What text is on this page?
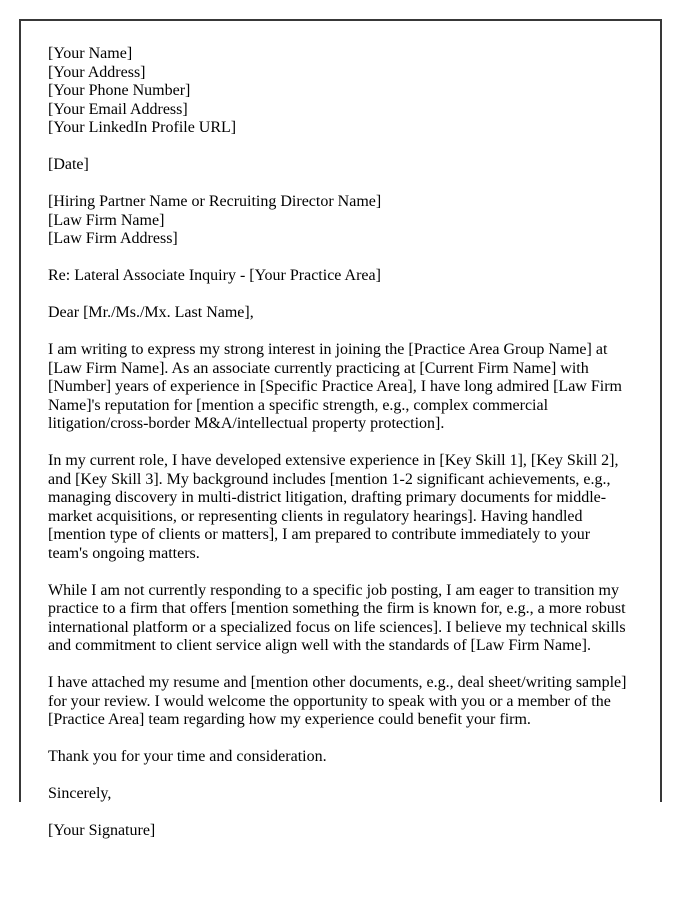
[Your Name]
[Your Address]
[Your Phone Number]
[Your Email Address]
[Your LinkedIn Profile URL]
[Date]
[Hiring Partner Name or Recruiting Director Name]
[Law Firm Name]
[Law Firm Address]
Re: Lateral Associate Inquiry - [Your Practice Area]
Dear [Mr./Ms./Mx. Last Name],

I am writing to express my strong interest in joining the [Practice Area Group Name] at [Law Firm Name]. As an associate currently practicing at [Current Firm Name] with [Number] years of experience in [Specific Practice Area], I have long admired [Law Firm Name]'s reputation for [mention a specific strength, e.g., complex commercial litigation/cross-border M&A/intellectual property protection].

In my current role, I have developed extensive experience in [Key Skill 1], [Key Skill 2], and [Key Skill 3]. My background includes [mention 1-2 significant achievements, e.g., managing discovery in multi-district litigation, drafting primary documents for middle-market acquisitions, or representing clients in regulatory hearings]. Having handled [mention type of clients or matters], I am prepared to contribute immediately to your team's ongoing matters.

While I am not currently responding to a specific job posting, I am eager to transition my practice to a firm that offers [mention something the firm is known for, e.g., a more robust international platform or a specialized focus on life sciences]. I believe my technical skills and commitment to client service align well with the standards of [Law Firm Name].

I have attached my resume and [mention other documents, e.g., deal sheet/writing sample] for your review. I would welcome the opportunity to speak with you or a member of the [Practice Area] team regarding how my experience could benefit your firm.

Thank you for your time and consideration.

Sincerely,
[Your Signature]
